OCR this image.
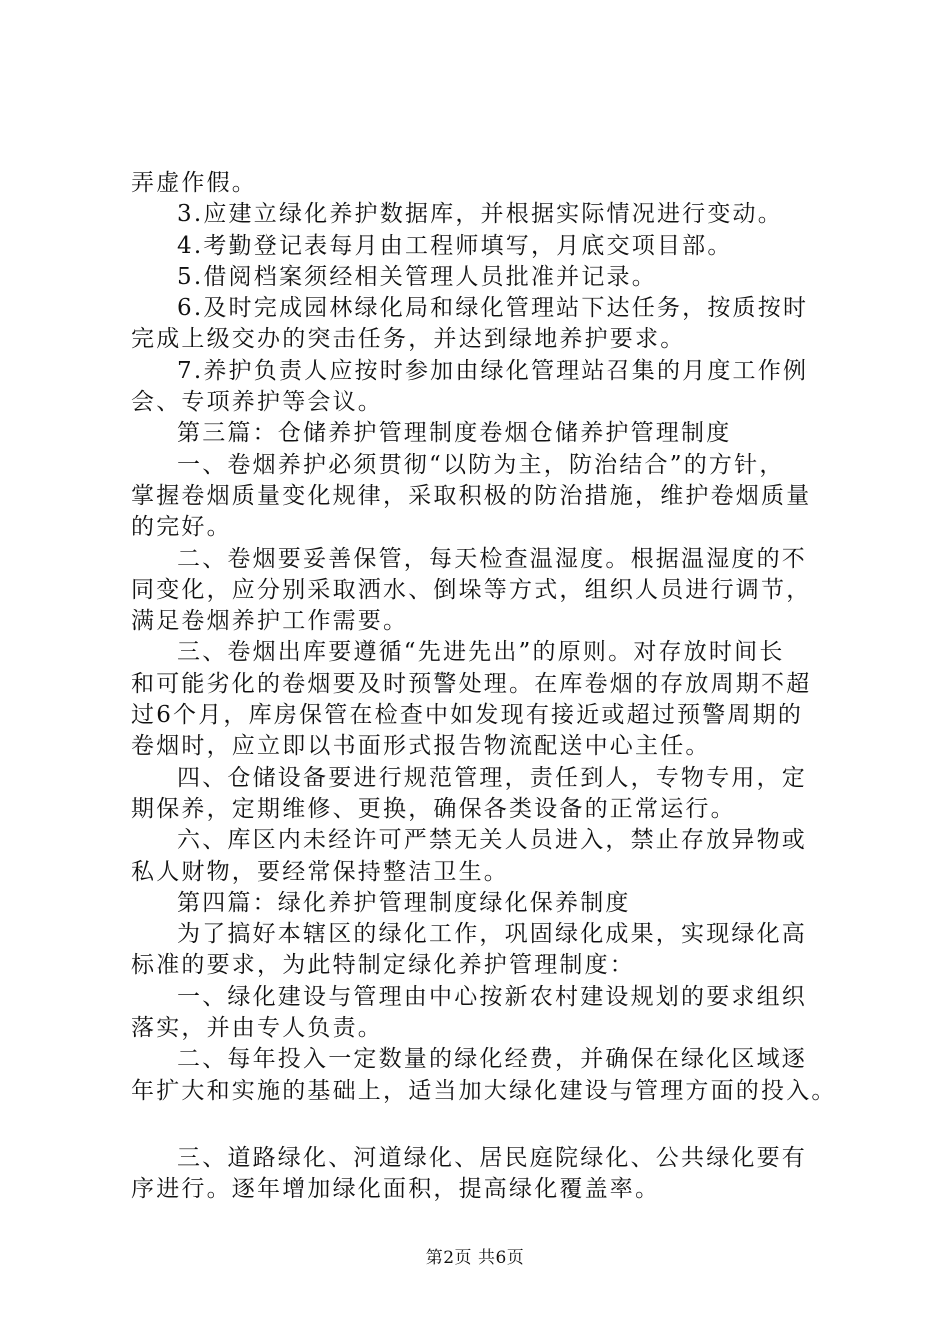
弄虚作假。
3.应建立绿化养护数据库，并根据实际情况进行变动。
4.考勤登记表每月由工程师填写，月底交项目部。
5.借阅档案须经相关管理人员批准并记录。
6.及时完成园林绿化局和绿化管理站下达任务，按质按时
完成上级交办的突击任务，并达到绿地养护要求。
7.养护负责人应按时参加由绿化管理站召集的月度工作例
会、专项养护等会议。
第三篇：仓储养护管理制度卷烟仓储养护管理制度
一、卷烟养护必须贯彻“以防为主，防治结合”的方针，
掌握卷烟质量变化规律，采取积极的防治措施，维护卷烟质量
的完好。
二、卷烟要妥善保管，每天检查温湿度。根据温湿度的不
同变化，应分别采取洒水、倒垛等方式，组织人员进行调节，
满足卷烟养护工作需要。
三、卷烟出库要遵循“先进先出”的原则。对存放时间长
和可能劣化的卷烟要及时预警处理。在库卷烟的存放周期不超
过6个月，库房保管在检查中如发现有接近或超过预警周期的
卷烟时，应立即以书面形式报告物流配送中心主任。
四、仓储设备要进行规范管理，责任到人，专物专用，定
期保养，定期维修、更换，确保各类设备的正常运行。
六、库区内未经许可严禁无关人员进入，禁止存放异物或
私人财物，要经常保持整洁卫生。
第四篇：绿化养护管理制度绿化保养制度
为了搞好本辖区的绿化工作，巩固绿化成果，实现绿化高
标准的要求，为此特制定绿化养护管理制度：
一、绿化建设与管理由中心按新农村建设规划的要求组织
落实，并由专人负责。
二、每年投入一定数量的绿化经费，并确保在绿化区域逐
年扩大和实施的基础上，适当加大绿化建设与管理方面的投入。
三、道路绿化、河道绿化、居民庭院绿化、公共绿化要有
序进行。逐年增加绿化面积，提高绿化覆盖率。
第2页 共6页
